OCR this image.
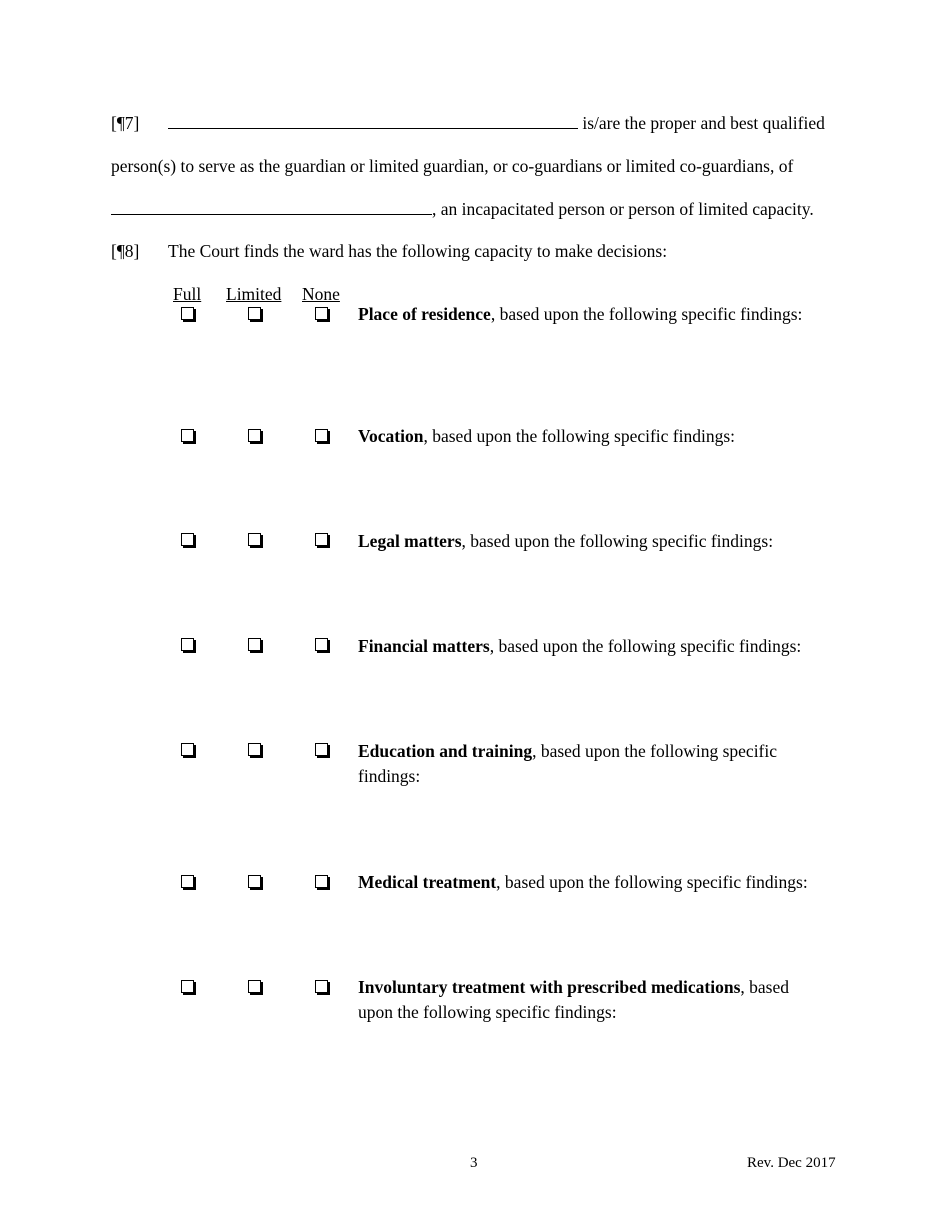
[¶7]	is/are the proper and best qualified
person(s) to serve as the guardian or limited guardian, or co-guardians or limited co-guardians, of
, an incapacitated person or person of limited capacity.
[¶8] The Court finds the ward has the following capacity to make decisions:
Full Limited None
Place of residence, based upon the following specific findings:
Vocation, based upon the following specific findings:
Legal matters, based upon the following specific findings:
Financial matters, based upon the following specific findings:
Education and training, based upon the following specific findings:
Medical treatment, based upon the following specific findings:
Involuntary treatment with prescribed medications, based upon the following specific findings:
3	Rev. Dec 2017
